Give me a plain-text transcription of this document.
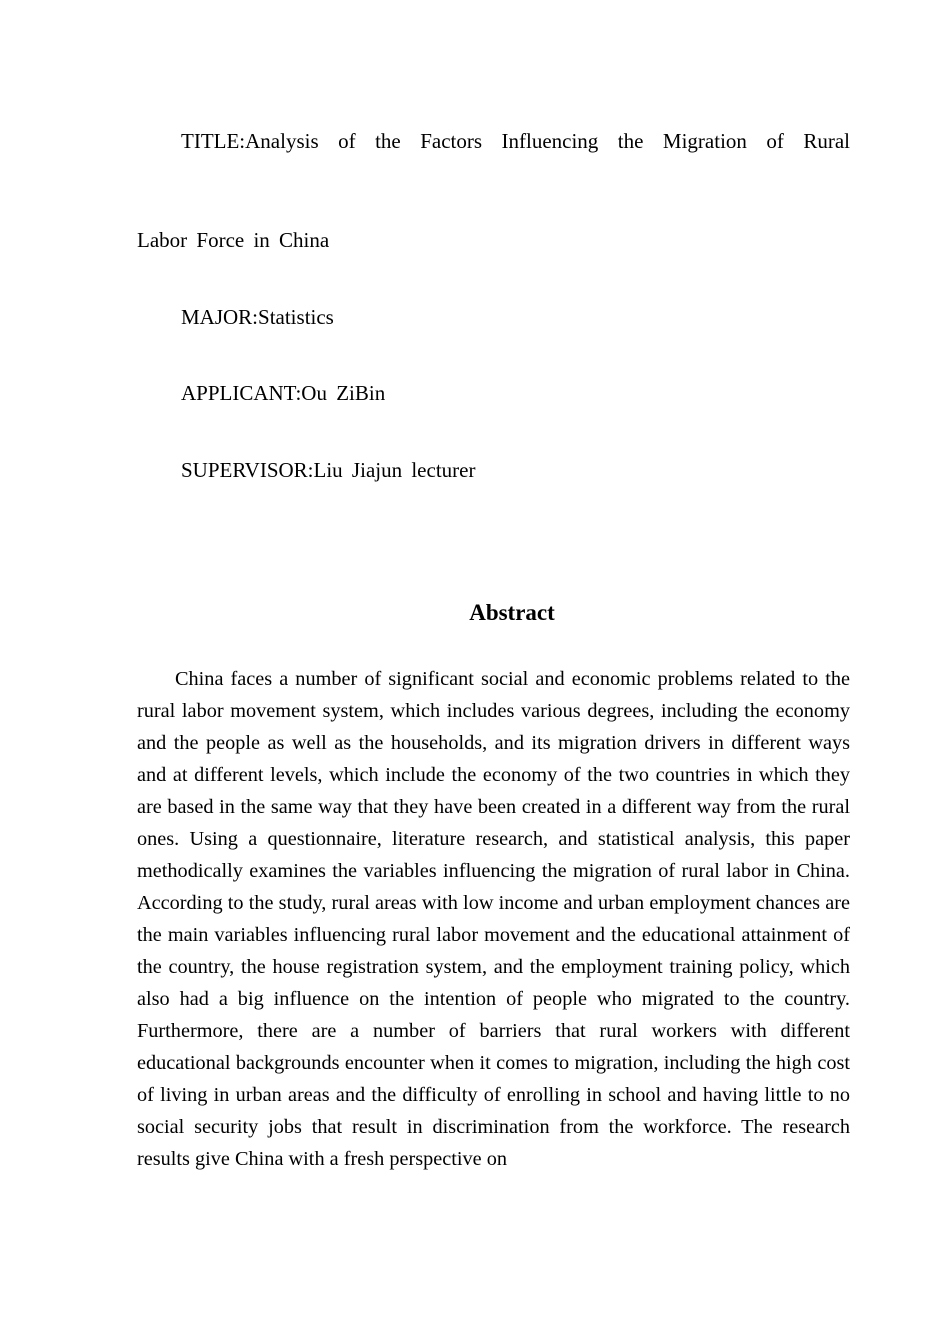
TITLE:Analysis of the Factors Influencing the Migration of Rural
Labor Force in China
MAJOR:Statistics
APPLICANT:Ou ZiBin
SUPERVISOR:Liu Jiajun lecturer
Abstract

China faces a number of significant social and economic problems related to the rural labor movement system, which includes various degrees, including the economy and the people as well as the households, and its migration drivers in different ways and at different levels, which include the economy of the two countries in which they are based in the same way that they have been created in a different way from the rural ones. Using a questionnaire, literature research, and statistical analysis, this paper methodically examines the variables influencing the migration of rural labor in China. According to the study, rural areas with low income and urban employment chances are the main variables influencing rural labor movement and the educational attainment of the country, the house registration system, and the employment training policy, which also had a big influence on the intention of people who migrated to the country. Furthermore, there are a number of barriers that rural workers with different educational backgrounds encounter when it comes to migration, including the high cost of living in urban areas and the difficulty of enrolling in school and having little to no social security jobs that result in discrimination from the workforce. The research results give China with a fresh perspective on
